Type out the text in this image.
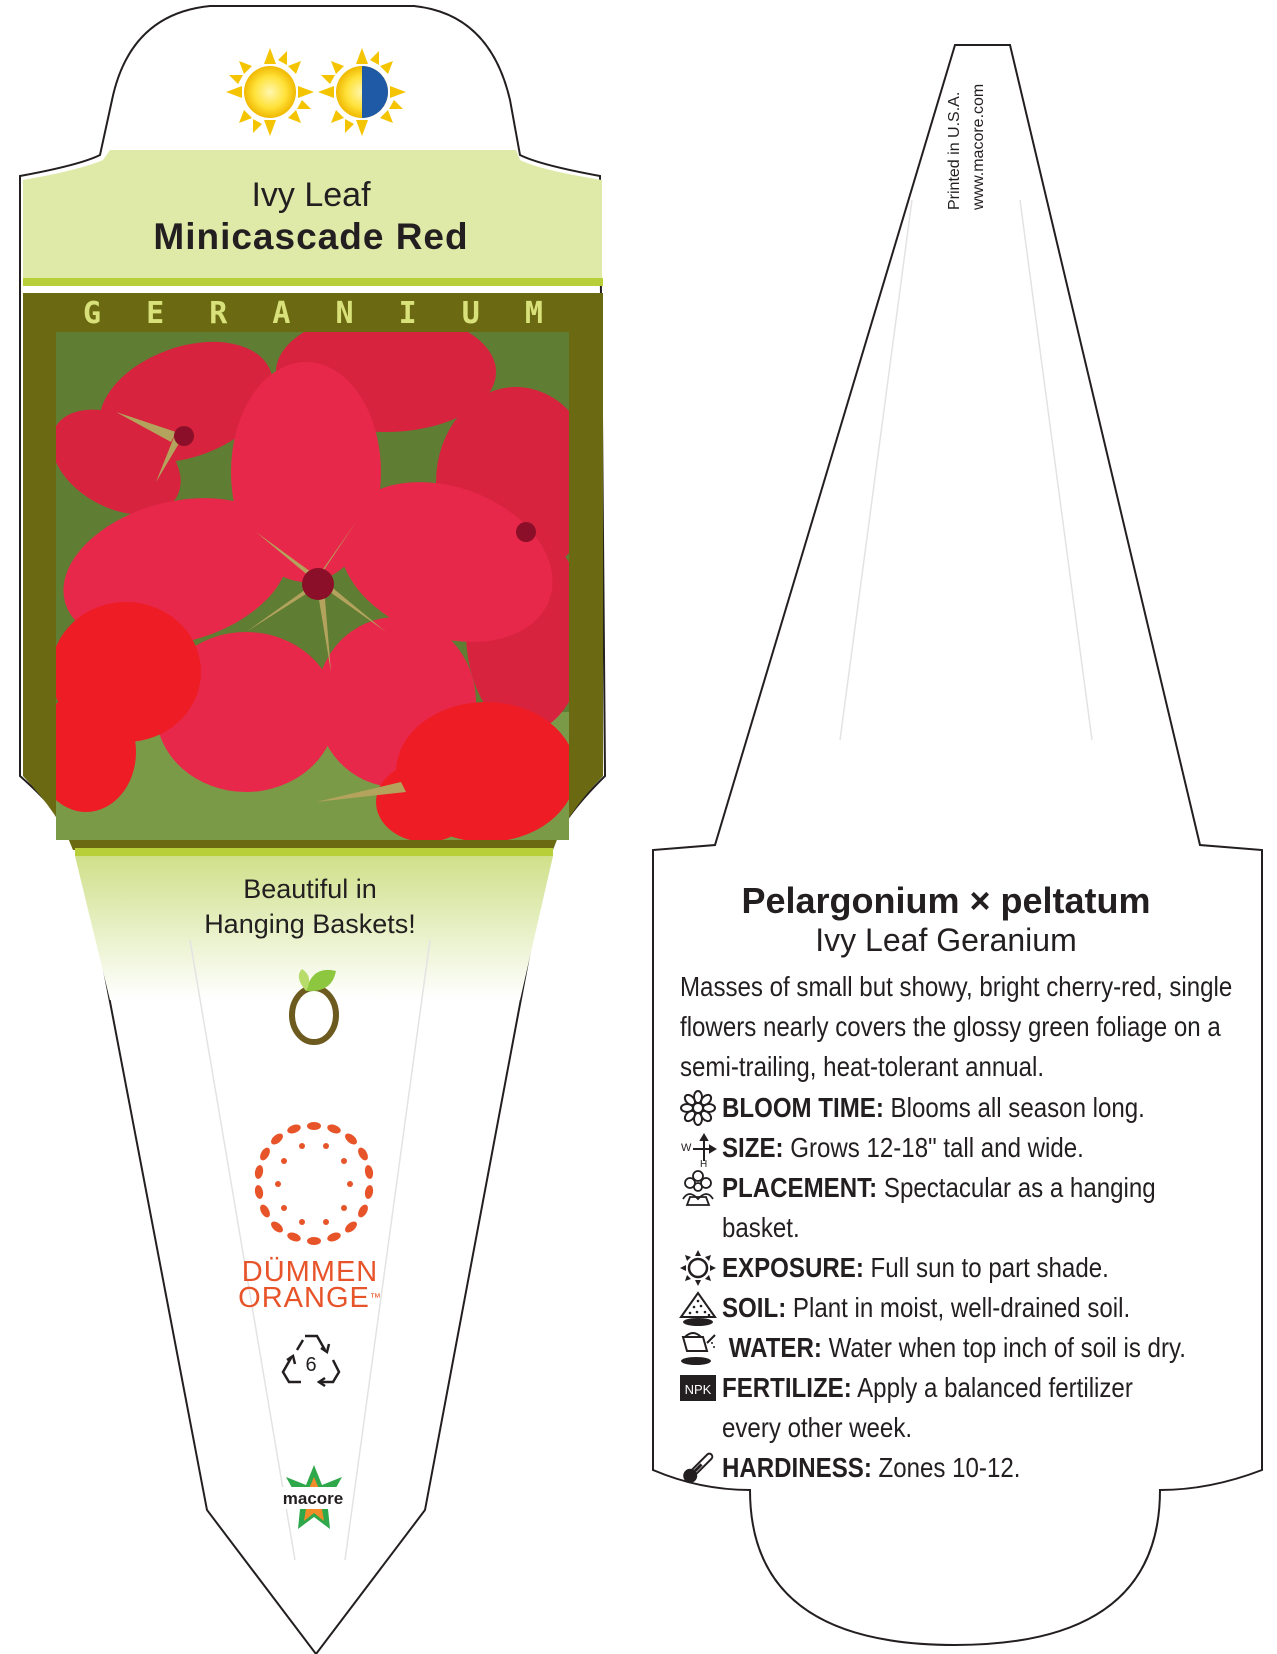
Ivy Leaf
Minicascade Red
G E R A N I U M
Beautiful in
Hanging Baskets!
DÜMMEN
ORANGE™
6
macore
Printed in U.S.A. www.macore.com
Pelargonium × peltatum
Ivy Leaf Geranium
Masses of small but showy, bright cherry-red, single flowers nearly covers the glossy green foliage on a semi-trailing, heat-tolerant annual.
BLOOM TIME: Blooms all season long.
W
H
SIZE: Grows 12-18" tall and wide.
PLACEMENT: Spectacular as a hanging basket.
EXPOSURE: Full sun to part shade.
SOIL: Plant in moist, well-drained soil.
WATER: Water when top inch of soil is dry.
NPK FERTILIZE: Apply a balanced fertilizer every other week.
HARDINESS: Zones 10-12.
